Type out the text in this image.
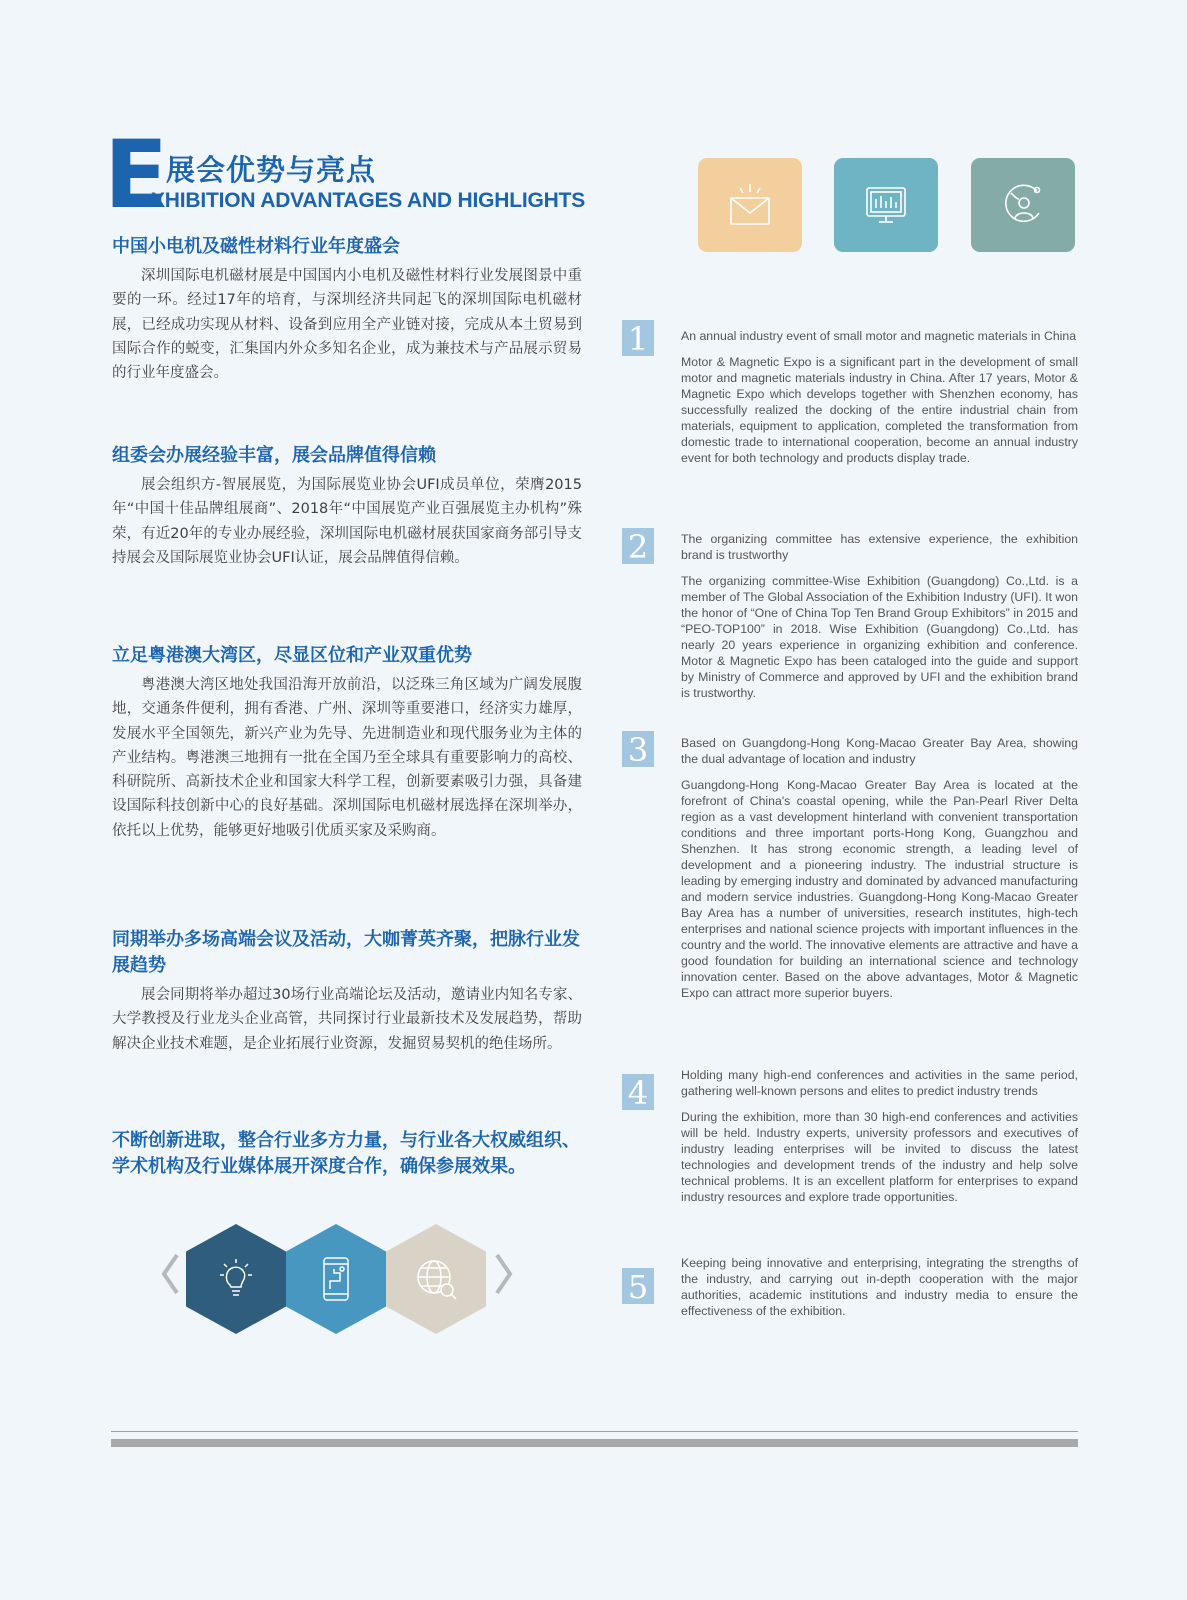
E 展会优势与亮点
XHIBITION ADVANTAGES AND HIGHLIGHTS
中国小电机及磁性材料行业年度盛会

深圳国际电机磁材展是中国国内小电机及磁性材料行业发展图景中重要的一环。经过17年的培育，与深圳经济共同起飞的深圳国际电机磁材展，已经成功实现从材料、设备到应用全产业链对接，完成从本土贸易到国际合作的蜕变，汇集国内外众多知名企业，成为兼技术与产品展示贸易的行业年度盛会。

组委会办展经验丰富，展会品牌值得信赖

展会组织方-智展展览，为国际展览业协会UFI成员单位，荣膺2015年“中国十佳品牌组展商”、2018年“中国展览产业百强展览主办机构”殊荣，有近20年的专业办展经验，深圳国际电机磁材展获国家商务部引导支持展会及国际展览业协会UFI认证，展会品牌值得信赖。

立足粤港澳大湾区，尽显区位和产业双重优势

粤港澳大湾区地处我国沿海开放前沿，以泛珠三角区域为广阔发展腹地，交通条件便利，拥有香港、广州、深圳等重要港口，经济实力雄厚，发展水平全国领先，新兴产业为先导、先进制造业和现代服务业为主体的产业结构。粤港澳三地拥有一批在全国乃至全球具有重要影响力的高校、科研院所、高新技术企业和国家大科学工程，创新要素吸引力强，具备建设国际科技创新中心的良好基础。深圳国际电机磁材展选择在深圳举办，依托以上优势，能够更好地吸引优质买家及采购商。

同期举办多场高端会议及活动，大咖菁英齐聚，把脉行业发展趋势

展会同期将举办超过30场行业高端论坛及活动，邀请业内知名专家、大学教授及行业龙头企业高管，共同探讨行业最新技术及发展趋势，帮助解决企业技术难题，是企业拓展行业资源，发掘贸易契机的绝佳场所。

不断创新进取，整合行业多方力量，与行业各大权威组织、学术机构及行业媒体展开深度合作，确保参展效果。
1	An annual industry event of small motor and magnetic materials in China

Motor & Magnetic Expo is a significant part in the development of small motor and magnetic materials industry in China. After 17 years, Motor & Magnetic Expo which develops together with Shenzhen economy, has successfully realized the docking of the entire industrial chain from materials, equipment to application, completed the transformation from domestic trade to international cooperation, become an annual industry event for both technology and products display trade.

2	The organizing committee has extensive experience, the exhibition brand is trustworthy

The organizing committee-Wise Exhibition (Guangdong) Co.,Ltd. is a member of The Global Association of the Exhibition Industry (UFI). It won the honor of “One of China Top Ten Brand Group Exhibitors” in 2015 and “PEO-TOP100” in 2018. Wise Exhibition (Guangdong) Co.,Ltd. has nearly 20 years experience in organizing exhibition and conference. Motor & Magnetic Expo has been cataloged into the guide and support by Ministry of Commerce and approved by UFI and the exhibition brand is trustworthy.

3	Based on Guangdong-Hong Kong-Macao Greater Bay Area, showing the dual advantage of location and industry

Guangdong-Hong Kong-Macao Greater Bay Area is located at the forefront of China's coastal opening, while the Pan-Pearl River Delta region as a vast development hinterland with convenient transportation conditions and three important ports-Hong Kong, Guangzhou and Shenzhen. It has strong economic strength, a leading level of development and a pioneering industry. The industrial structure is leading by emerging industry and dominated by advanced manufacturing and modern service industries. Guangdong-Hong Kong-Macao Greater Bay Area has a number of universities, research institutes, high-tech enterprises and national science projects with important influences in the country and the world. The innovative elements are attractive and have a good foundation for building an international science and technology innovation center. Based on the above advantages, Motor & Magnetic Expo can attract more superior buyers.

4	Holding many high-end conferences and activities in the same period, gathering well-known persons and elites to predict industry trends

During the exhibition, more than 30 high-end conferences and activities will be held. Industry experts, university professors and executives of industry leading enterprises will be invited to discuss the latest technologies and development trends of the industry and help solve technical problems. It is an excellent platform for enterprises to expand industry resources and explore trade opportunities.

5

Keeping being innovative and enterprising, integrating the strengths of the industry, and carrying out in-depth cooperation with the major authorities, academic institutions and industry media to ensure the effectiveness of the exhibition.
